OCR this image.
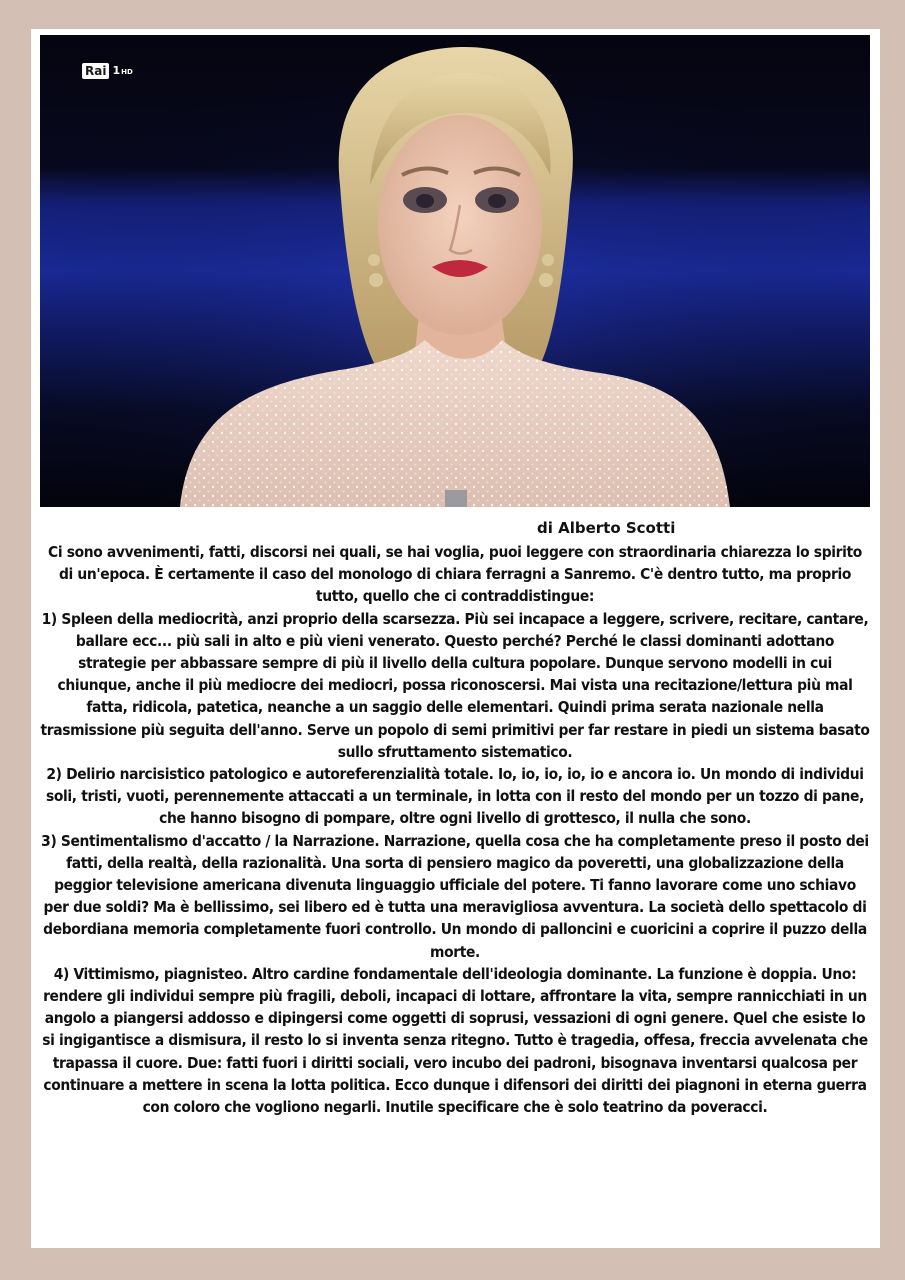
Rai 1HD
di Alberto Scotti

Ci sono avvenimenti, fatti, discorsi nei quali, se hai voglia, puoi leggere con straordinaria chiarezza lo spirito di un'epoca. È certamente il caso del monologo di chiara ferragni a Sanremo. C'è dentro tutto, ma proprio tutto, quello che ci contraddistingue:

1) Spleen della mediocrità, anzi proprio della scarsezza. Più sei incapace a leggere, scrivere, recitare, cantare, ballare ecc... più sali in alto e più vieni venerato. Questo perché? Perché le classi dominanti adottano strategie per abbassare sempre di più il livello della cultura popolare. Dunque servono modelli in cui chiunque, anche il più mediocre dei mediocri, possa riconoscersi. Mai vista una recitazione/lettura più mal fatta, ridicola, patetica, neanche a un saggio delle elementari. Quindi prima serata nazionale nella trasmissione più seguita dell'anno. Serve un popolo di semi primitivi per far restare in piedi un sistema basato sullo sfruttamento sistematico.

2) Delirio narcisistico patologico e autoreferenzialità totale. Io, io, io, io, io e ancora io. Un mondo di individui soli, tristi, vuoti, perennemente attaccati a un terminale, in lotta con il resto del mondo per un tozzo di pane, che hanno bisogno di pompare, oltre ogni livello di grottesco, il nulla che sono.

3) Sentimentalismo d'accatto / la Narrazione. Narrazione, quella cosa che ha completamente preso il posto dei fatti, della realtà, della razionalità. Una sorta di pensiero magico da poveretti, una globalizzazione della peggior televisione americana divenuta linguaggio ufficiale del potere. Ti fanno lavorare come uno schiavo per due soldi? Ma è bellissimo, sei libero ed è tutta una meravigliosa avventura. La società dello spettacolo di debordiana memoria completamente fuori controllo. Un mondo di palloncini e cuoricini a coprire il puzzo della morte.

4) Vittimismo, piagnisteo. Altro cardine fondamentale dell'ideologia dominante. La funzione è doppia. Uno: rendere gli individui sempre più fragili, deboli, incapaci di lottare, affrontare la vita, sempre rannicchiati in un angolo a piangersi addosso e dipingersi come oggetti di soprusi, vessazioni di ogni genere. Quel che esiste lo si ingigantisce a dismisura, il resto lo si inventa senza ritegno. Tutto è tragedia, offesa, freccia avvelenata che trapassa il cuore. Due: fatti fuori i diritti sociali, vero incubo dei padroni, bisognava inventarsi qualcosa per continuare a mettere in scena la lotta politica. Ecco dunque i difensori dei diritti dei piagnoni in eterna guerra con coloro che vogliono negarli. Inutile specificare che è solo teatrino da poveracci.
